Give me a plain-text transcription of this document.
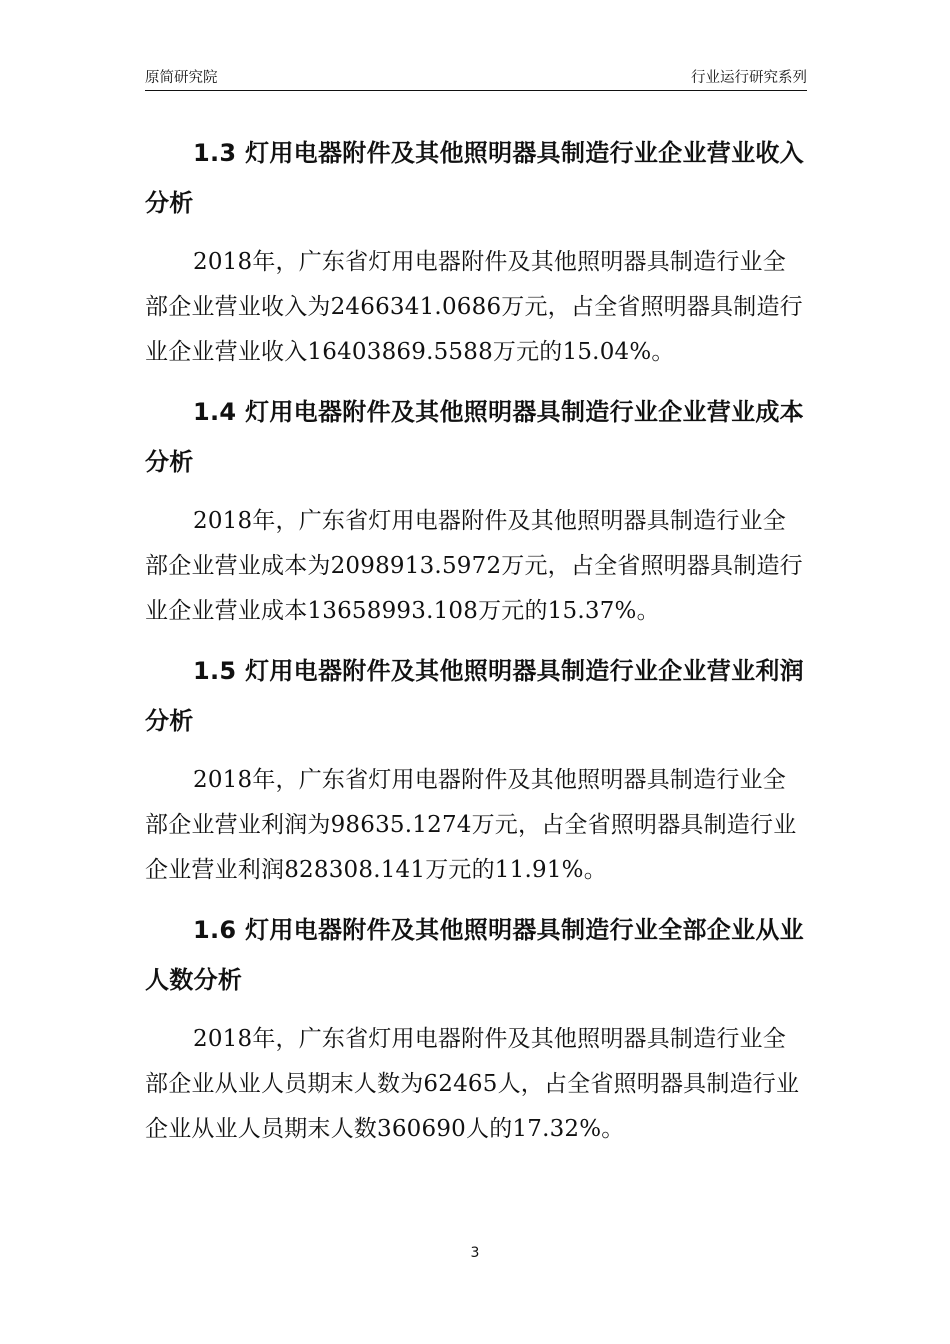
原简研究院	行业运行研究系列

1.3 灯用电器附件及其他照明器具制造行业企业营业收入分析

2018年，广东省灯用电器附件及其他照明器具制造行业全部企业营业收入为2466341.0686万元，占全省照明器具制造行业企业营业收入16403869.5588万元的15.04%。

1.4 灯用电器附件及其他照明器具制造行业企业营业成本分析

2018年，广东省灯用电器附件及其他照明器具制造行业全部企业营业成本为2098913.5972万元，占全省照明器具制造行业企业营业成本13658993.108万元的15.37%。

1.5 灯用电器附件及其他照明器具制造行业企业营业利润分析

2018年，广东省灯用电器附件及其他照明器具制造行业全部企业营业利润为98635.1274万元，占全省照明器具制造行业企业营业利润828308.141万元的11.91%。

1.6 灯用电器附件及其他照明器具制造行业全部企业从业人数分析

2018年，广东省灯用电器附件及其他照明器具制造行业全部企业从业人员期末人数为62465人，占全省照明器具制造行业企业从业人员期末人数360690人的17.32%。

3
